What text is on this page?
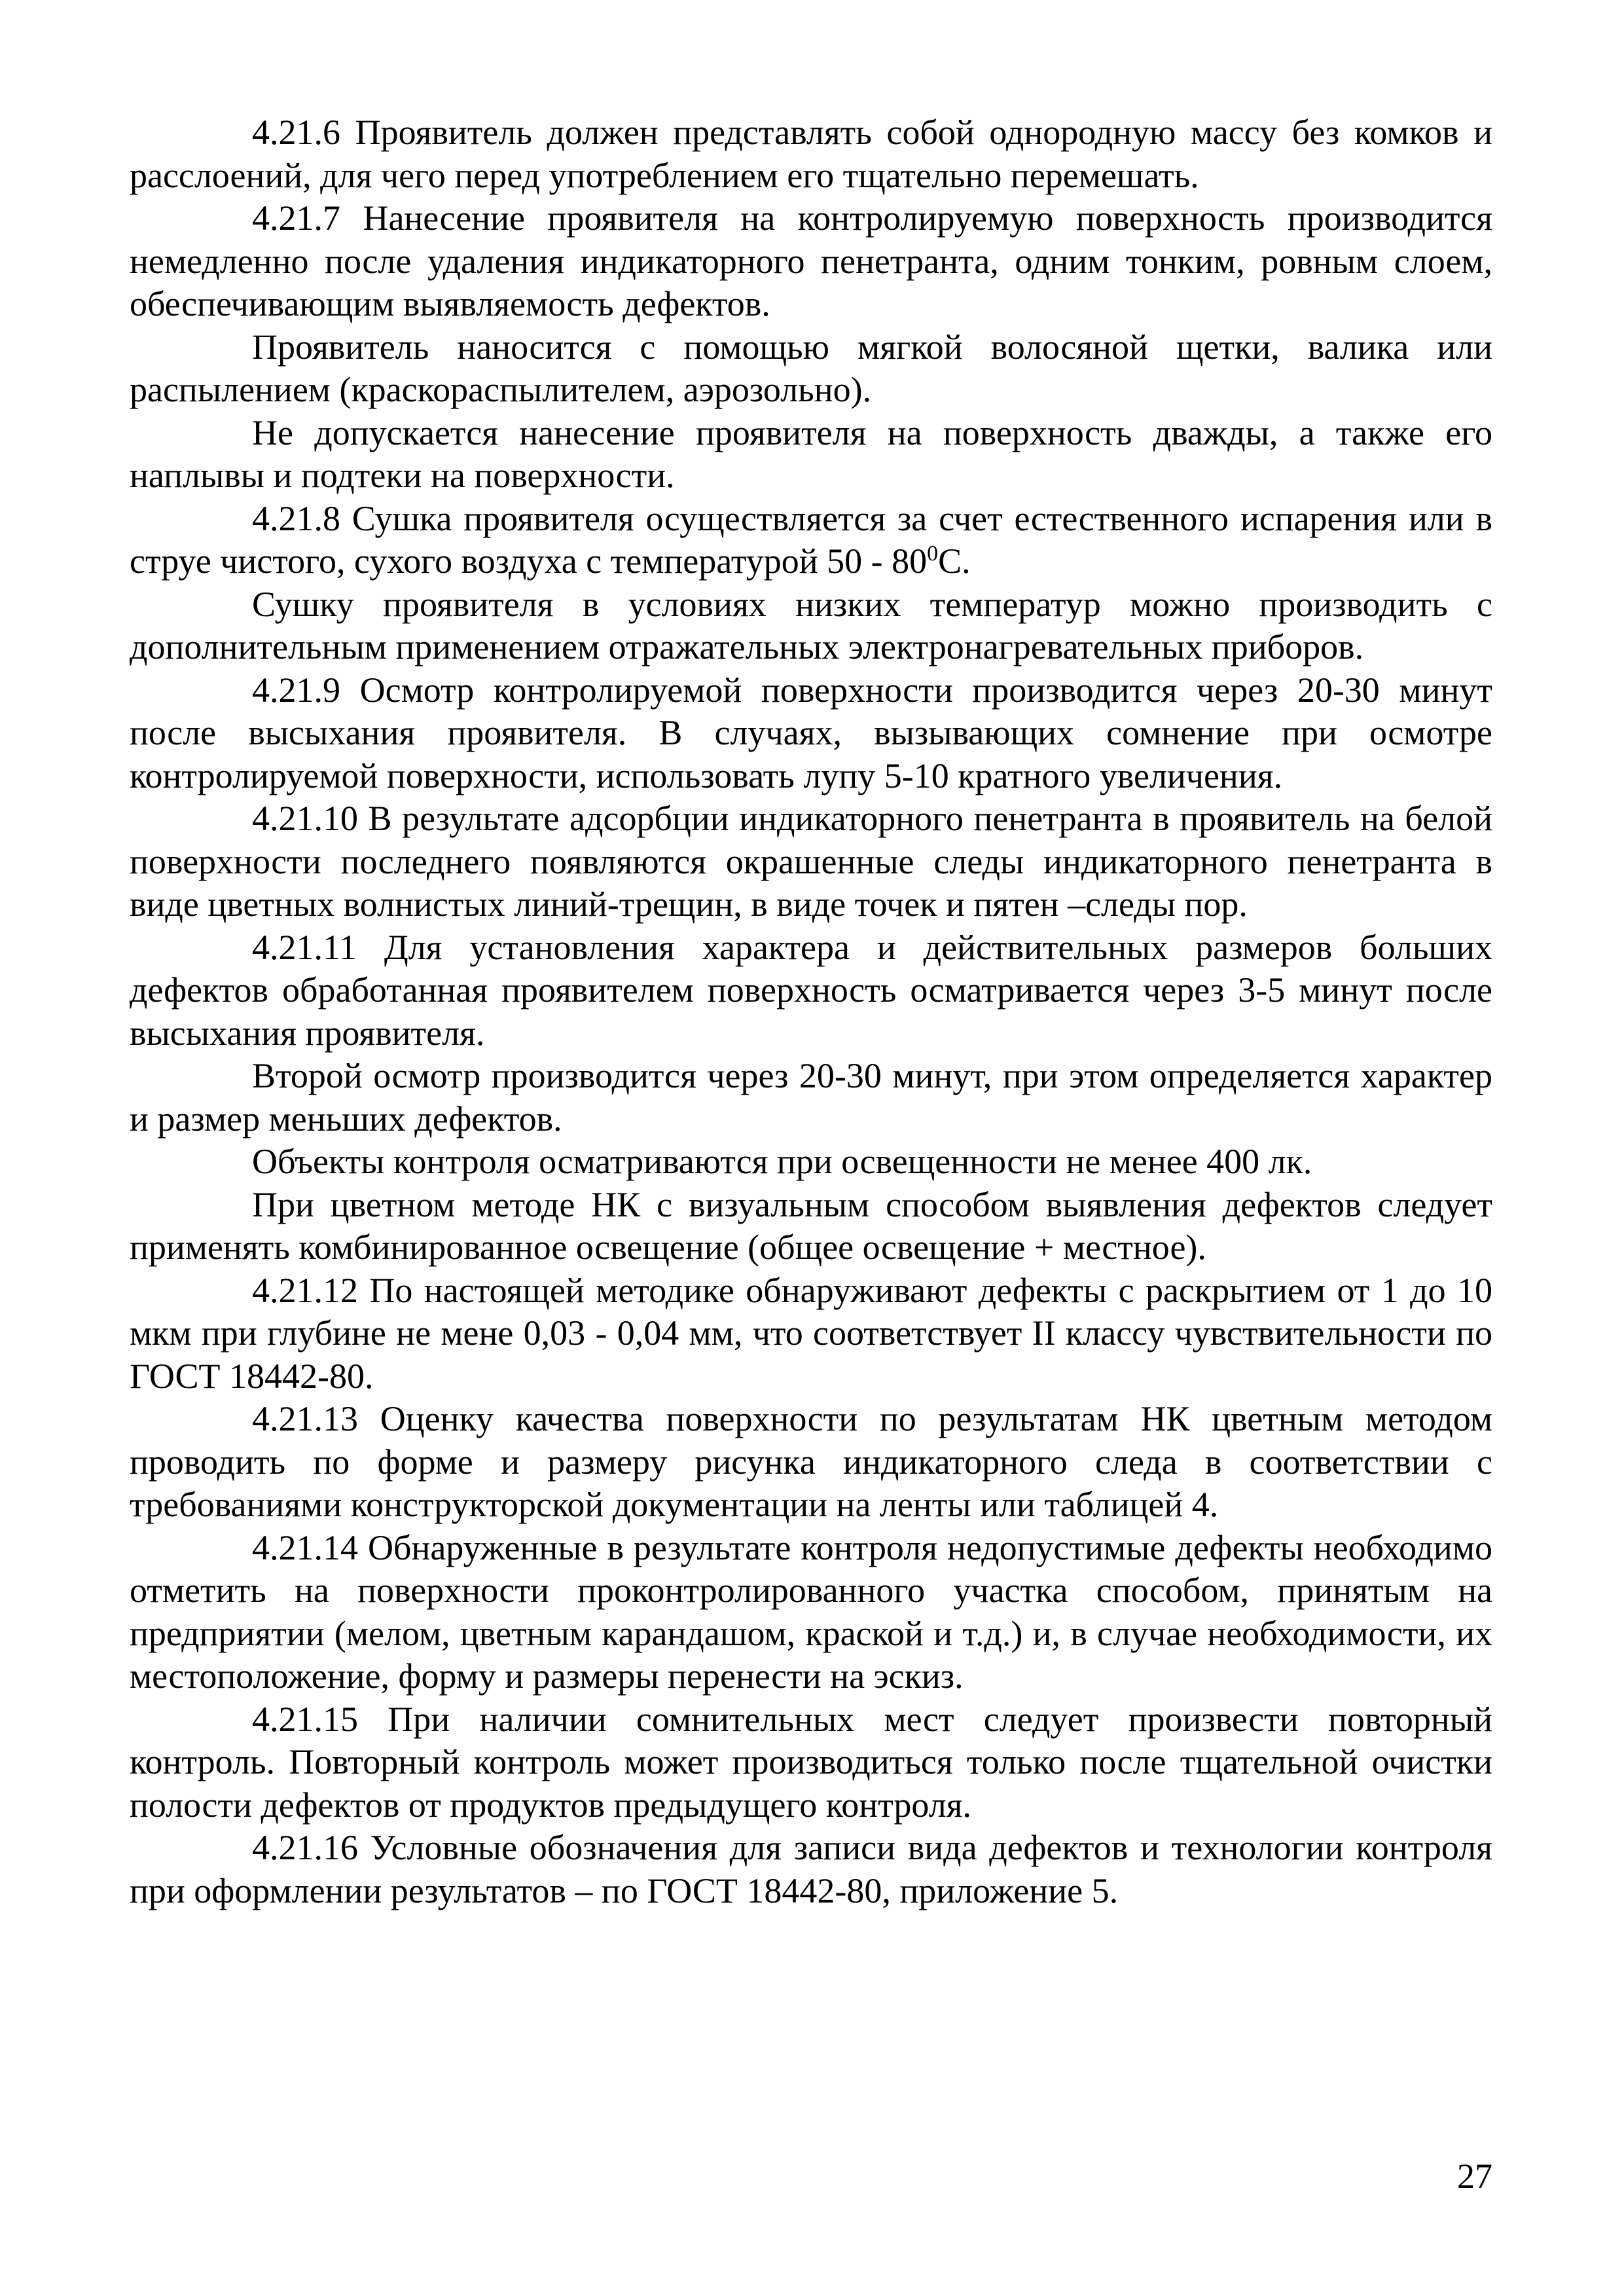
4.21.6 Проявитель должен представлять собой однородную массу без комков и расслоений, для чего перед употреблением его тщательно перемешать.

4.21.7 Нанесение проявителя на контролируемую поверхность производится немедленно после удаления индикаторного пенетранта, одним тонким, ровным слоем, обеспечивающим выявляемость дефектов.

Проявитель наносится с помощью мягкой волосяной щетки, валика или распылением (краскораспылителем, аэрозольно).

Не допускается нанесение проявителя на поверхность дважды, а также его наплывы и подтеки на поверхности.

4.21.8 Сушка проявителя осуществляется за счет естественного испарения или в струе чистого, сухого воздуха с температурой $50 - 80^0С$.

Сушку проявителя в условиях низких температур можно производить с дополнительным применением отражательных электронагревательных приборов.

4.21.9 Осмотр контролируемой поверхности производится через 20-30 минут после высыхания проявителя. В случаях, вызывающих сомнение при осмотре контролируемой поверхности, использовать лупу 5-10 кратного увеличения.

4.21.10 В результате адсорбции индикаторного пенетранта в проявитель на белой поверхности последнего появляются окрашенные следы индикаторного пенетранта в виде цветных волнистых линий-трещин, в виде точек и пятен –следы пор.

4.21.11 Для установления характера и действительных размеров больших дефектов обработанная проявителем поверхность осматривается через 3-5 минут после высыхания проявителя.

Второй осмотр производится через 20-30 минут, при этом определяется характер и размер меньших дефектов.

Объекты контроля осматриваются при освещенности не менее 400 лк.

При цветном методе НК с визуальным способом выявления дефектов следует применять комбинированное освещение (общее освещение + местное).

4.21.12 По настоящей методике обнаруживают дефекты с раскрытием от 1 до 10 мкм при глубине не мене 0,03 - 0,04 мм, что соответствует II классу чувствительности по ГОСТ 18442-80.

4.21.13 Оценку качества поверхности по результатам НК цветным методом проводить по форме и размеру рисунка индикаторного следа в соответствии с требованиями конструкторской документации на ленты или таблицей 4.

4.21.14 Обнаруженные в результате контроля недопустимые дефекты необходимо отметить на поверхности проконтролированного участка способом, принятым на предприятии (мелом, цветным карандашом, краской и т.д.) и, в случае необходимости, их местоположение, форму и размеры перенести на эскиз.

4.21.15 При наличии сомнительных мест следует произвести повторный контроль. Повторный контроль может производиться только после тщательной очистки полости дефектов от продуктов предыдущего контроля.

4.21.16 Условные обозначения для записи вида дефектов и технологии контроля при оформлении результатов – по ГОСТ 18442-80, приложение 5.

27
